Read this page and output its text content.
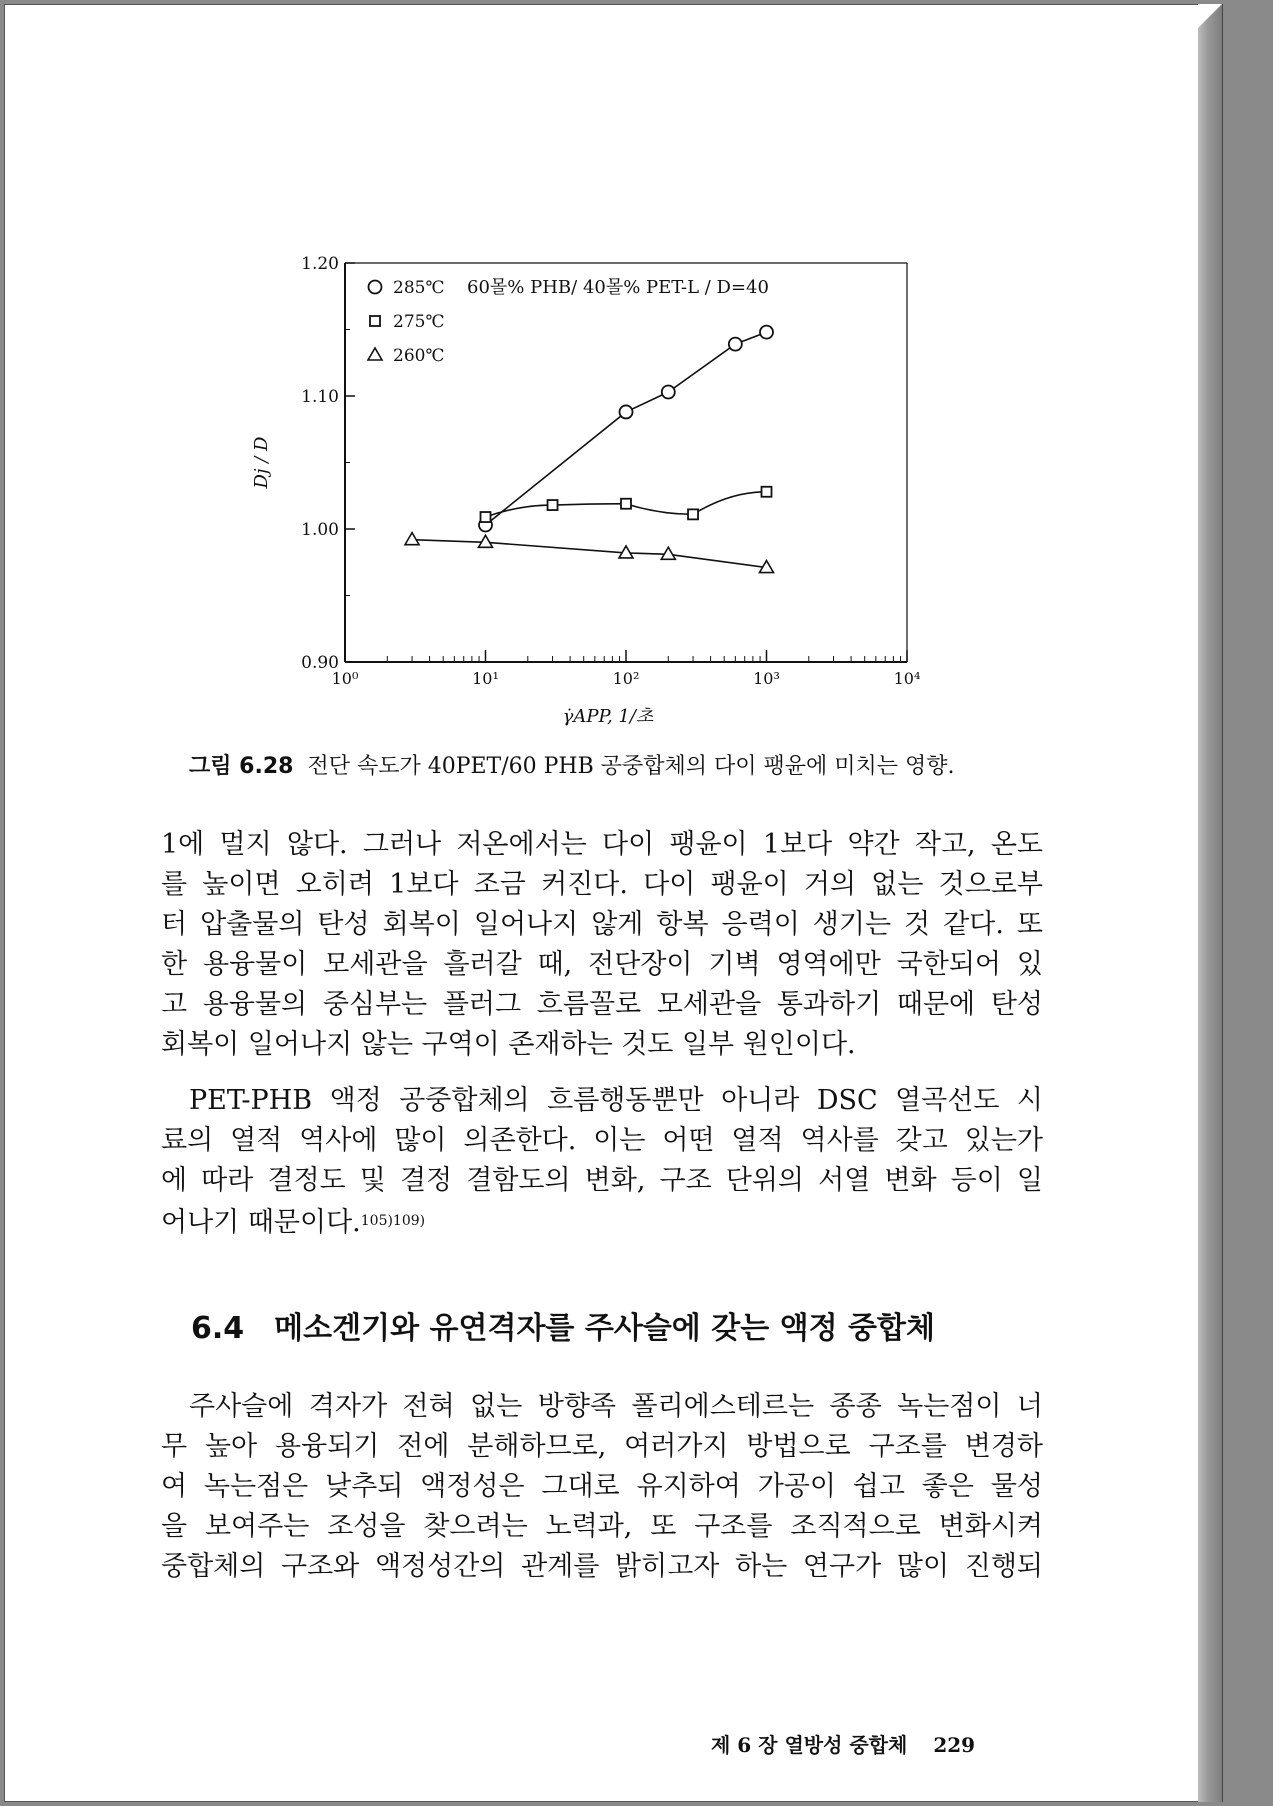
0.90
1.00
1.10
1.20
10⁰	10¹	10²	10³	10⁴
γ̇APP, 1/초
Dj / D
60몰% PHB/ 40몰% PET-L / D=40
285℃
275℃
260℃
그림 6.28 전단 속도가 40PET/60 PHB 공중합체의 다이 팽윤에 미치는 영향.
1에 멀지 않다. 그러나 저온에서는 다이 팽윤이 1보다 약간 작고, 온도
를 높이면 오히려 1보다 조금 커진다. 다이 팽윤이 거의 없는 것으로부
터 압출물의 탄성 회복이 일어나지 않게 항복 응력이 생기는 것 같다. 또
한 용융물이 모세관을 흘러갈 때, 전단장이 기벽 영역에만 국한되어 있
고 용융물의 중심부는 플러그 흐름꼴로 모세관을 통과하기 때문에 탄성
회복이 일어나지 않는 구역이 존재하는 것도 일부 원인이다.
PET-PHB 액정 공중합체의 흐름행동뿐만 아니라 DSC 열곡선도 시
료의 열적 역사에 많이 의존한다. 이는 어떤 열적 역사를 갖고 있는가
에 따라 결정도 및 결정 결함도의 변화, 구조 단위의 서열 변화 등이 일
어나기 때문이다.$^{105)109)}$
6.4 메소겐기와 유연격자를 주사슬에 갖는 액정 중합체
주사슬에 격자가 전혀 없는 방향족 폴리에스테르는 종종 녹는점이 너
무 높아 용융되기 전에 분해하므로, 여러가지 방법으로 구조를 변경하
여 녹는점은 낮추되 액정성은 그대로 유지하여 가공이 쉽고 좋은 물성
을 보여주는 조성을 찾으려는 노력과, 또 구조를 조직적으로 변화시켜
중합체의 구조와 액정성간의 관계를 밝히고자 하는 연구가 많이 진행되
제 6 장 열방성 중합체 229
